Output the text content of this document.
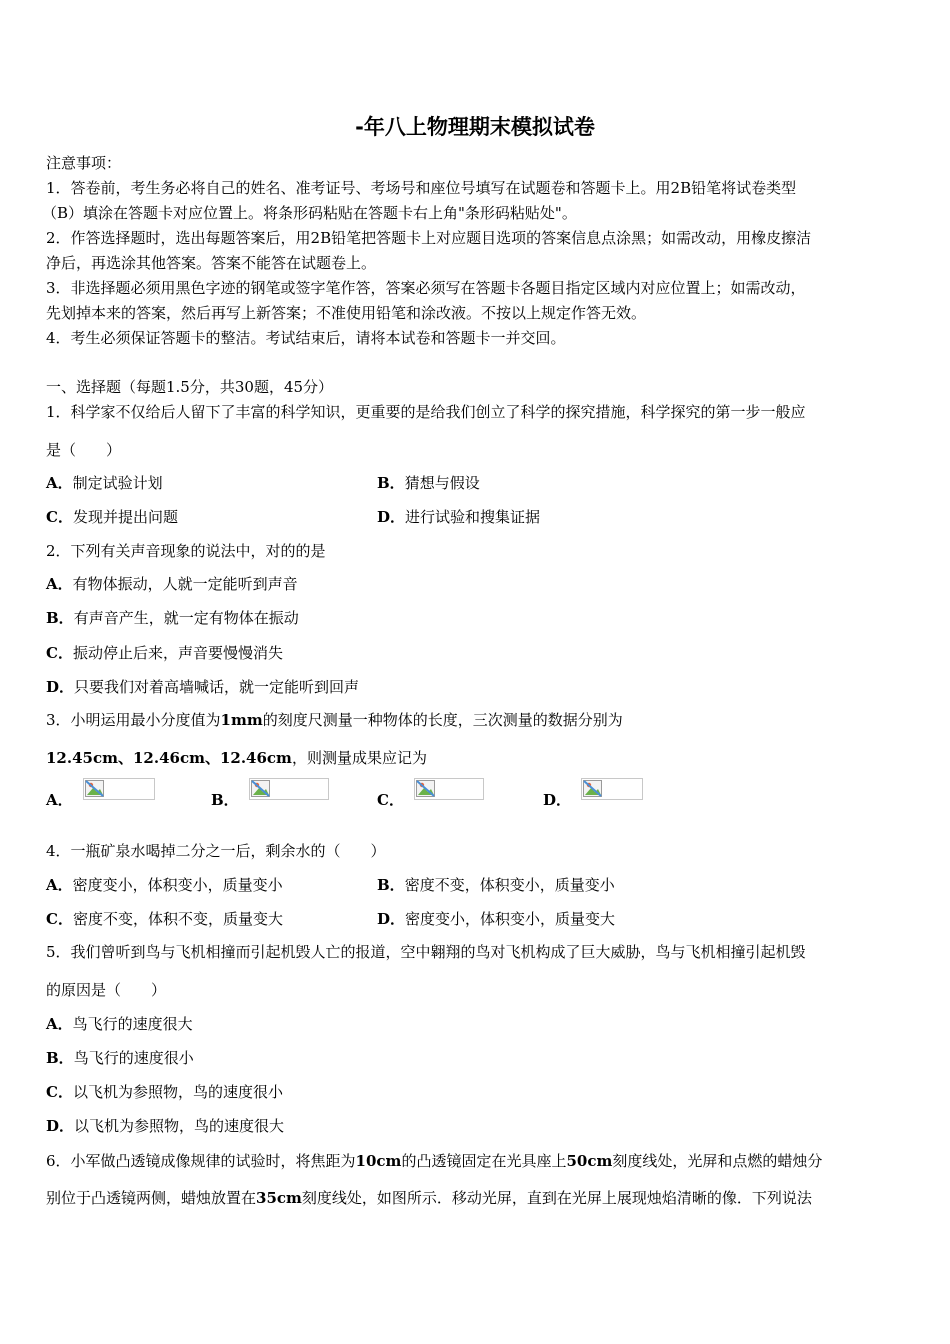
-年八上物理期末模拟试卷
注意事项：
1．答卷前，考生务必将自己的姓名、准考证号、考场号和座位号填写在试题卷和答题卡上。用2B铅笔将试卷类型
（B）填涂在答题卡对应位置上。将条形码粘贴在答题卡右上角"条形码粘贴处"。
2．作答选择题时，选出每题答案后，用2B铅笔把答题卡上对应题目选项的答案信息点涂黑；如需改动，用橡皮擦洁
净后，再选涂其他答案。答案不能答在试题卷上。
3．非选择题必须用黑色字迹的钢笔或签字笔作答，答案必须写在答题卡各题目指定区域内对应位置上；如需改动，
先划掉本来的答案，然后再写上新答案；不准使用铅笔和涂改液。不按以上规定作答无效。
4．考生必须保证答题卡的整洁。考试结束后，请将本试卷和答题卡一并交回。
一、选择题（每题1.5分，共30题，45分）
1．科学家不仅给后人留下了丰富的科学知识，更重要的是给我们创立了科学的探究措施，科学探究的第一步一般应
是（　　）
A．制定试验计划	B．猜想与假设
C．发现并提出问题	D．进行试验和搜集证据
2．下列有关声音现象的说法中，对的的是
A．有物体振动，人就一定能听到声音
B．有声音产生，就一定有物体在振动
C．振动停止后来，声音要慢慢消失
D．只要我们对着高墙喊话，就一定能听到回声
3．小明运用最小分度值为1mm的刻度尺测量一种物体的长度，三次测量的数据分别为
12.45cm、12.46cm、12.46cm，则测量成果应记为
A．	B．	C．	D．
4．一瓶矿泉水喝掉二分之一后，剩余水的（　　）
A．密度变小，体积变小，质量变小	B．密度不变，体积变小，质量变小
C．密度不变，体积不变，质量变大	D．密度变小，体积变小，质量变大
5．我们曾听到鸟与飞机相撞而引起机毁人亡的报道，空中翱翔的鸟对飞机构成了巨大威胁，鸟与飞机相撞引起机毁
的原因是（　　）
A．鸟飞行的速度很大
B．鸟飞行的速度很小
C．以飞机为参照物，鸟的速度很小
D．以飞机为参照物，鸟的速度很大
6．小军做凸透镜成像规律的试验时，将焦距为10cm的凸透镜固定在光具座上50cm刻度线处，光屏和点燃的蜡烛分
别位于凸透镜两侧，蜡烛放置在35cm刻度线处，如图所示．移动光屏，直到在光屏上展现烛焰清晰的像．下列说法
